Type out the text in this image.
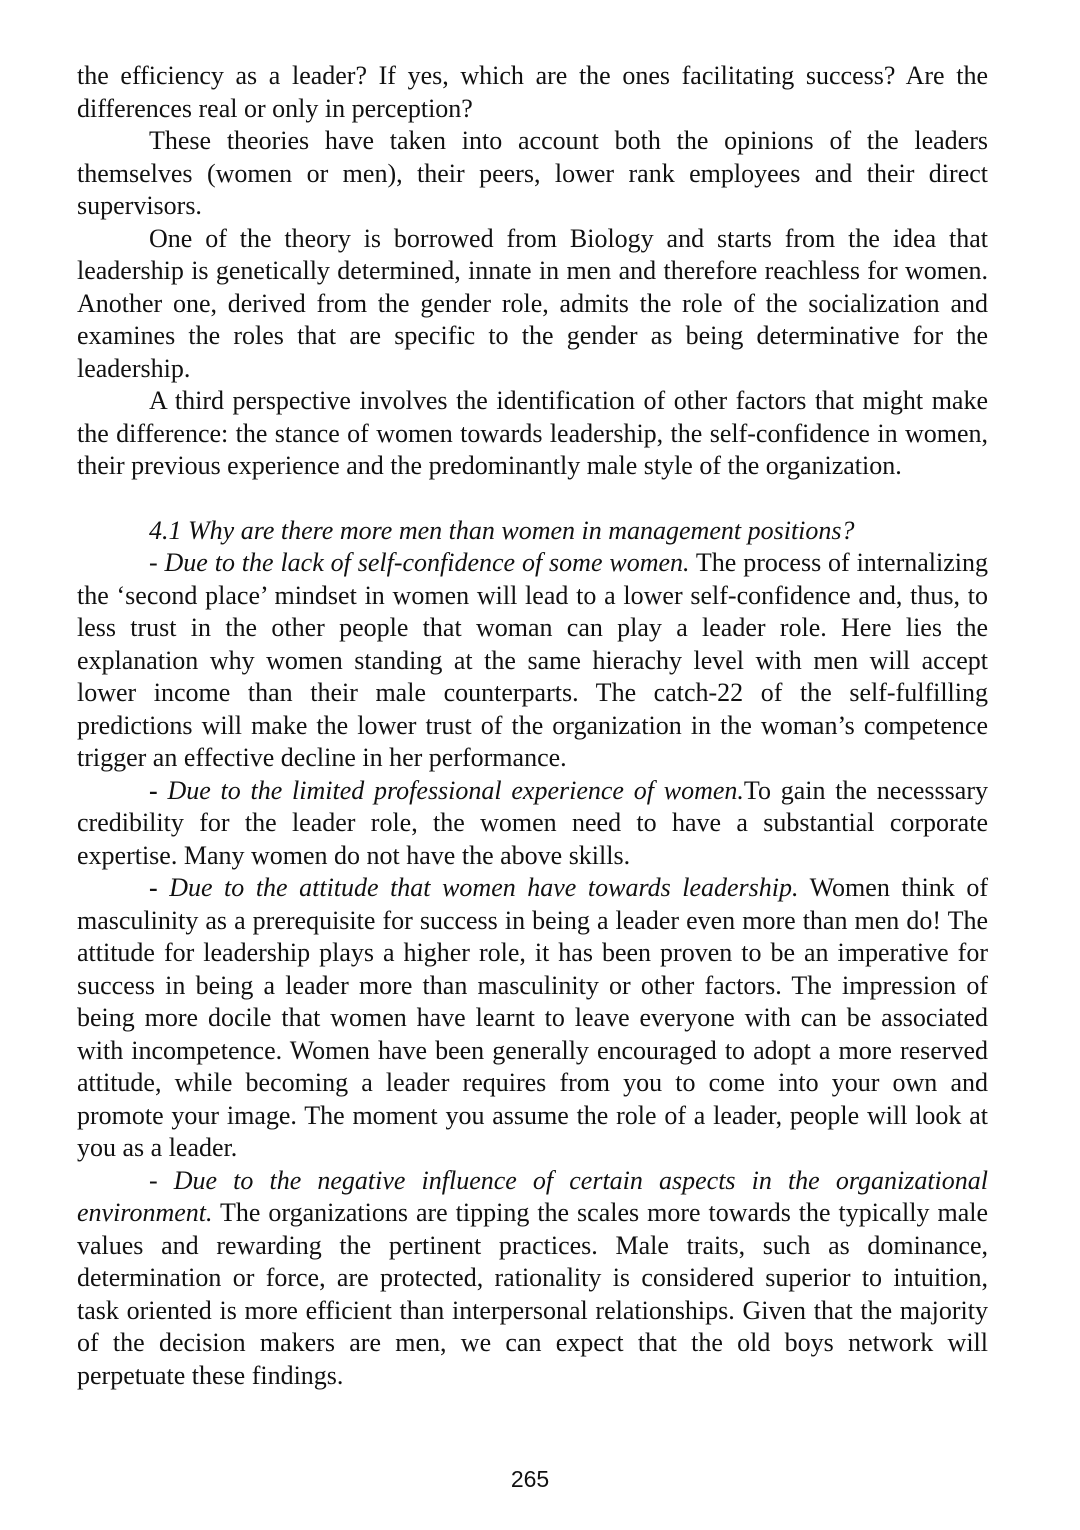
the efficiency as a leader? If yes, which are the ones facilitating success? Are the differences real or only in perception?

These theories have taken into account both the opinions of the leaders themselves (women or men), their peers, lower rank employees and their direct supervisors.

One of the theory is borrowed from Biology and starts from the idea that leadership is genetically determined, innate in men and therefore reachless for women. Another one, derived from the gender role, admits the role of the socialization and examines the roles that are specific to the gender as being determinative for the leadership.

A third perspective involves the identification of other factors that might make the difference: the stance of women towards leadership, the self-confidence in women, their previous experience and the predominantly male style of the organization.

4.1 Why are there more men than women in management positions?

- Due to the lack of self-confidence of some women. The process of internalizing the ‘second place’ mindset in women will lead to a lower self-confidence and, thus, to less trust in the other people that woman can play a leader role. Here lies the explanation why women standing at the same hierachy level with men will accept lower income than their male counterparts. The catch-22 of the self-fulfilling predictions will make the lower trust of the organization in the woman’s competence trigger an effective decline in her performance.

- Due to the limited professional experience of women.To gain the necesssary credibility for the leader role, the women need to have a substantial corporate expertise. Many women do not have the above skills.

- Due to the attitude that women have towards leadership. Women think of masculinity as a prerequisite for success in being a leader even more than men do! The attitude for leadership plays a higher role, it has been proven to be an imperative for success in being a leader more than masculinity or other factors. The impression of being more docile that women have learnt to leave everyone with can be associated with incompetence. Women have been generally encouraged to adopt a more reserved attitude, while becoming a leader requires from you to come into your own and promote your image. The moment you assume the role of a leader, people will look at you as a leader.

- Due to the negative influence of certain aspects in the organizational environment. The organizations are tipping the scales more towards the typically male values and rewarding the pertinent practices. Male traits, such as dominance, determination or force, are protected, rationality is considered superior to intuition, task oriented is more efficient than interpersonal relationships. Given that the majority of the decision makers are men, we can expect that the old boys network will perpetuate these findings.

265
